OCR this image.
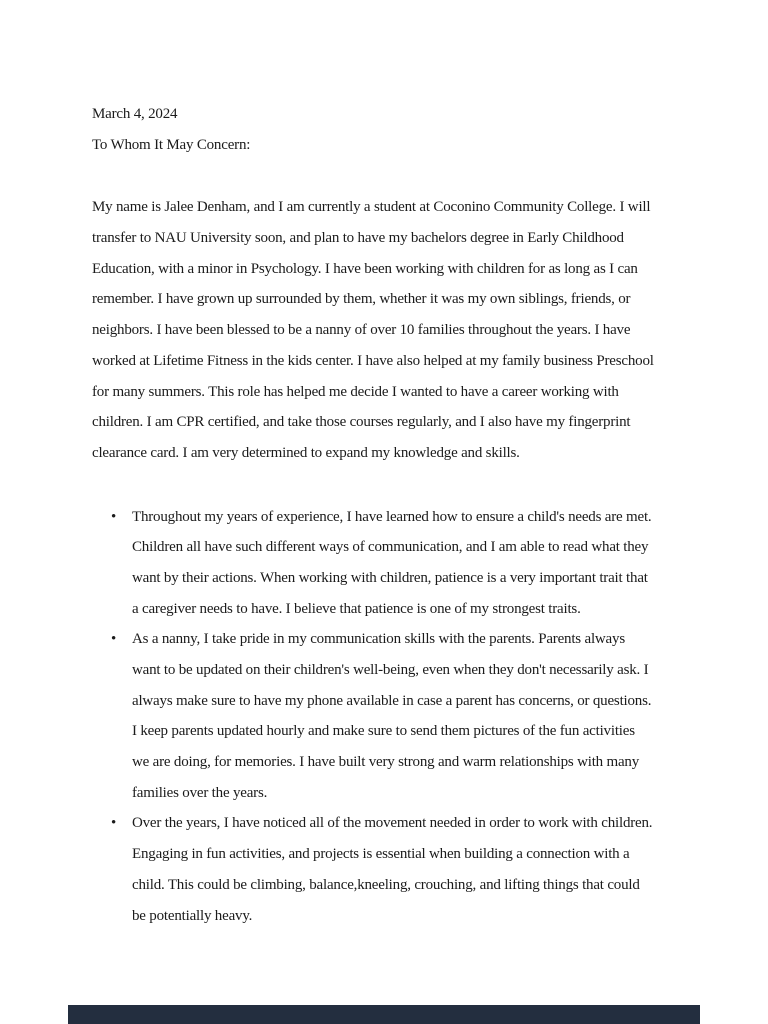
March 4, 2024
To Whom It May Concern:
My name is Jalee Denham, and I am currently a student at Coconino Community College. I will
transfer to NAU University soon, and plan to have my bachelors degree in Early Childhood
Education, with a minor in Psychology. I have been working with children for as long as I can
remember. I have grown up surrounded by them, whether it was my own siblings, friends, or
neighbors. I have been blessed to be a nanny of over 10 families throughout the years. I have
worked at Lifetime Fitness in the kids center. I have also helped at my family business Preschool
for many summers. This role has helped me decide I wanted to have a career working with
children. I am CPR certified, and take those courses regularly, and I also have my fingerprint
clearance card. I am very determined to expand my knowledge and skills.
• Throughout my years of experience, I have learned how to ensure a child's needs are met.
Children all have such different ways of communication, and I am able to read what they
want by their actions. When working with children, patience is a very important trait that
a caregiver needs to have. I believe that patience is one of my strongest traits.
• As a nanny, I take pride in my communication skills with the parents. Parents always
want to be updated on their children's well-being, even when they don't necessarily ask. I
always make sure to have my phone available in case a parent has concerns, or questions.
I keep parents updated hourly and make sure to send them pictures of the fun activities
we are doing, for memories. I have built very strong and warm relationships with many
families over the years.
• Over the years, I have noticed all of the movement needed in order to work with children.
Engaging in fun activities, and projects is essential when building a connection with a
child. This could be climbing, balance,kneeling, crouching, and lifting things that could
be potentially heavy.
